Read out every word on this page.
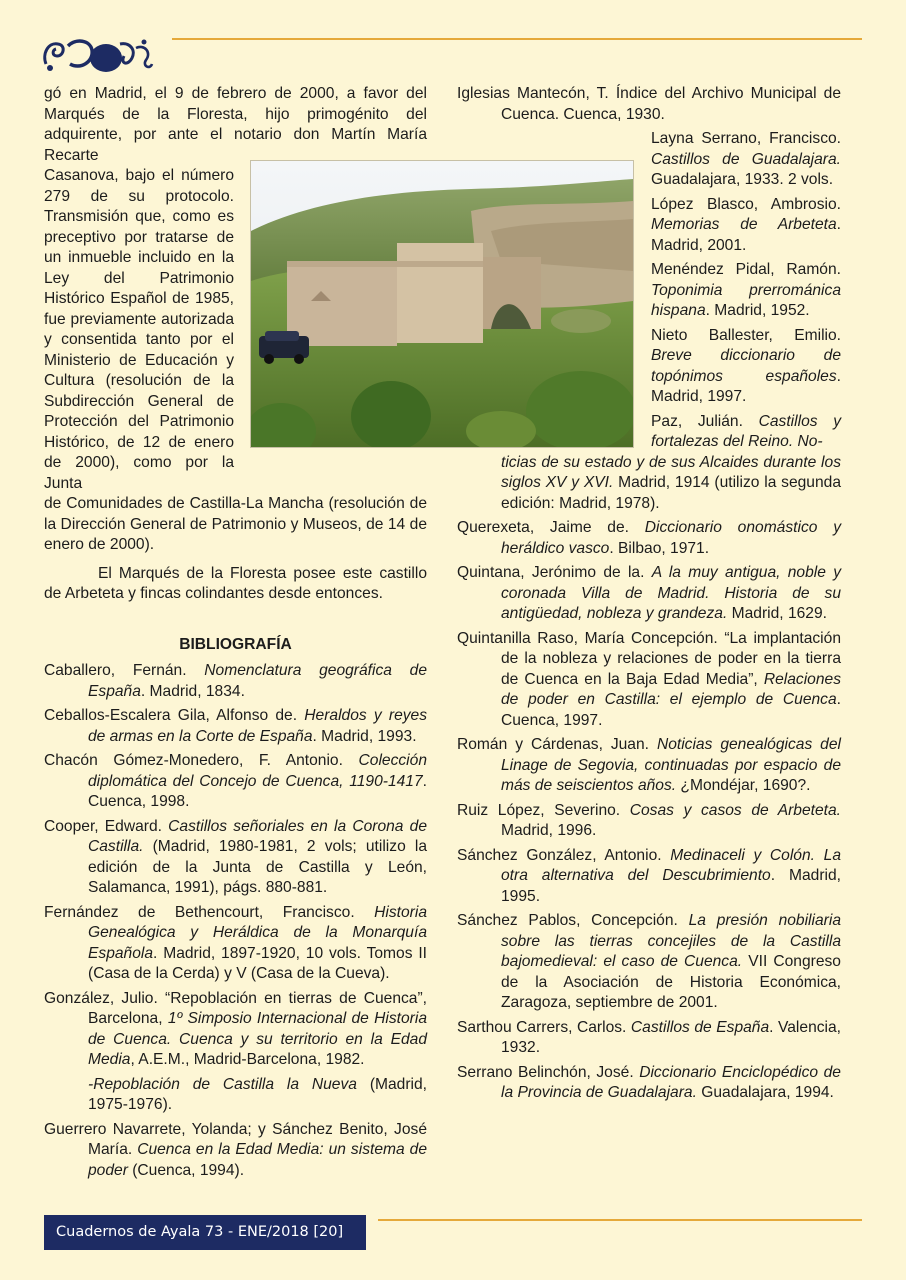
gó en Madrid, el 9 de febrero de 2000, a favor del Marqués de la Floresta, hijo primogénito del adquirente, por ante el notario don Martín María Recarte

Casanova, bajo el número 279 de su protocolo. Transmisión que, como es preceptivo por tratarse de un inmueble incluido en la Ley del Patrimonio Histórico Español de 1985, fue previamente autorizada y consentida tanto por el Ministerio de Educación y Cultura (resolución de la Subdirección General de Protección del Patrimonio Histórico, de 12 de enero de 2000), como por la Junta

de Comunidades de Castilla-La Mancha (resolución de la Dirección General de Patrimonio y Museos, de 14 de enero de 2000).

El Marqués de la Floresta posee este castillo de Arbeteta y fincas colindantes desde entonces.

BIBLIOGRAFÍA

Caballero, Fernán. Nomenclatura geográfica de España. Madrid, 1834.

Ceballos-Escalera Gila, Alfonso de. Heraldos y reyes de armas en la Corte de España. Madrid, 1993.

Chacón Gómez-Monedero, F. Antonio. Colección diplomática del Concejo de Cuenca, 1190-1417. Cuenca, 1998.

Cooper, Edward. Castillos señoriales en la Corona de Castilla. (Madrid, 1980-1981, 2 vols; utilizo la edición de la Junta de Castilla y León, Salamanca, 1991), págs. 880-881.

Fernández de Bethencourt, Francisco. Historia Genealógica y Heráldica de la Monarquía Española. Madrid, 1897-1920, 10 vols. Tomos II (Casa de la Cerda) y V (Casa de la Cueva).

González, Julio. “Repoblación en tierras de Cuenca”, Barcelona, 1º Simposio Internacional de Historia de Cuenca. Cuenca y su territorio en la Edad Media, A.E.M., Madrid-Barcelona, 1982.

-Repoblación de Castilla la Nueva (Madrid, 1975-1976).

Guerrero Navarrete, Yolanda; y Sánchez Benito, José María. Cuenca en la Edad Media: un sistema de poder (Cuenca, 1994).

Iglesias Mantecón, T. Índice del Archivo Municipal de Cuenca. Cuenca, 1930.

Layna Serrano, Francisco. Castillos de Guadalajara. Guadalajara, 1933. 2 vols.

López Blasco, Ambrosio. Memorias de Arbeteta. Madrid, 2001.

Menéndez Pidal, Ramón. Toponimia prerrománica hispana. Madrid, 1952.

Nieto Ballester, Emilio. Breve diccionario de topónimos españoles. Madrid, 1997.

Paz, Julián. Castillos y fortalezas del Reino. No-

ticias de su estado y de sus Alcaides durante los siglos XV y XVI. Madrid, 1914 (utilizo la segunda edición: Madrid, 1978).

Querexeta, Jaime de. Diccionario onomástico y heráldico vasco. Bilbao, 1971.

Quintana, Jerónimo de la. A la muy antigua, noble y coronada Villa de Madrid. Historia de su antigüedad, nobleza y grandeza. Madrid, 1629.

Quintanilla Raso, María Concepción. “La implantación de la nobleza y relaciones de poder en la tierra de Cuenca en la Baja Edad Media”, Relaciones de poder en Castilla: el ejemplo de Cuenca. Cuenca, 1997.

Román y Cárdenas, Juan. Noticias genealógicas del Linage de Segovia, continuadas por espacio de más de seiscientos años. ¿Mondéjar, 1690?.

Ruiz López, Severino. Cosas y casos de Arbeteta. Madrid, 1996.

Sánchez González, Antonio. Medinaceli y Colón. La otra alternativa del Descubrimiento. Madrid, 1995.

Sánchez Pablos, Concepción. La presión nobiliaria sobre las tierras concejiles de la Castilla bajomedieval: el caso de Cuenca. VII Congreso de la Asociación de Historia Económica, Zaragoza, septiembre de 2001.

Sarthou Carrers, Carlos. Castillos de España. Valencia, 1932.

Serrano Belinchón, José. Diccionario Enciclopédico de la Provincia de Guadalajara. Guadalajara, 1994.

Cuadernos de Ayala 73 - ENE/2018 [20]
